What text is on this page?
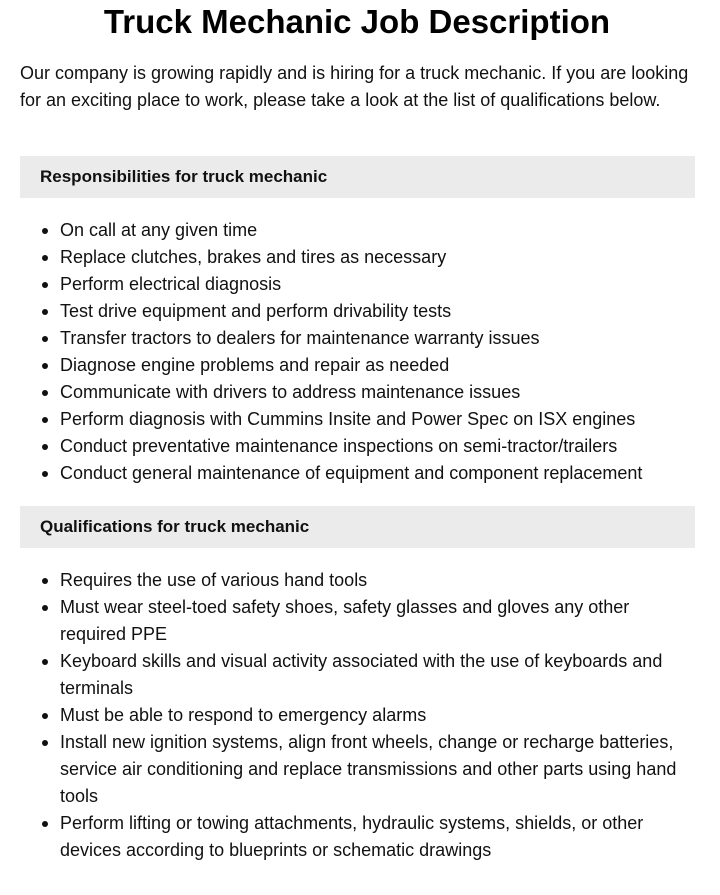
Truck Mechanic Job Description

Our company is growing rapidly and is hiring for a truck mechanic. If you are looking for an exciting place to work, please take a look at the list of qualifications below.

Responsibilities for truck mechanic
On call at any given time
Replace clutches, brakes and tires as necessary
Perform electrical diagnosis
Test drive equipment and perform drivability tests
Transfer tractors to dealers for maintenance warranty issues
Diagnose engine problems and repair as needed
Communicate with drivers to address maintenance issues
Perform diagnosis with Cummins Insite and Power Spec on ISX engines
Conduct preventative maintenance inspections on semi-tractor/trailers
Conduct general maintenance of equipment and component replacement
Qualifications for truck mechanic
Requires the use of various hand tools
Must wear steel-toed safety shoes, safety glasses and gloves any other required PPE
Keyboard skills and visual activity associated with the use of keyboards and terminals
Must be able to respond to emergency alarms
Install new ignition systems, align front wheels, change or recharge batteries, service air conditioning and replace transmissions and other parts using hand tools
Perform lifting or towing attachments, hydraulic systems, shields, or other devices according to blueprints or schematic drawings
